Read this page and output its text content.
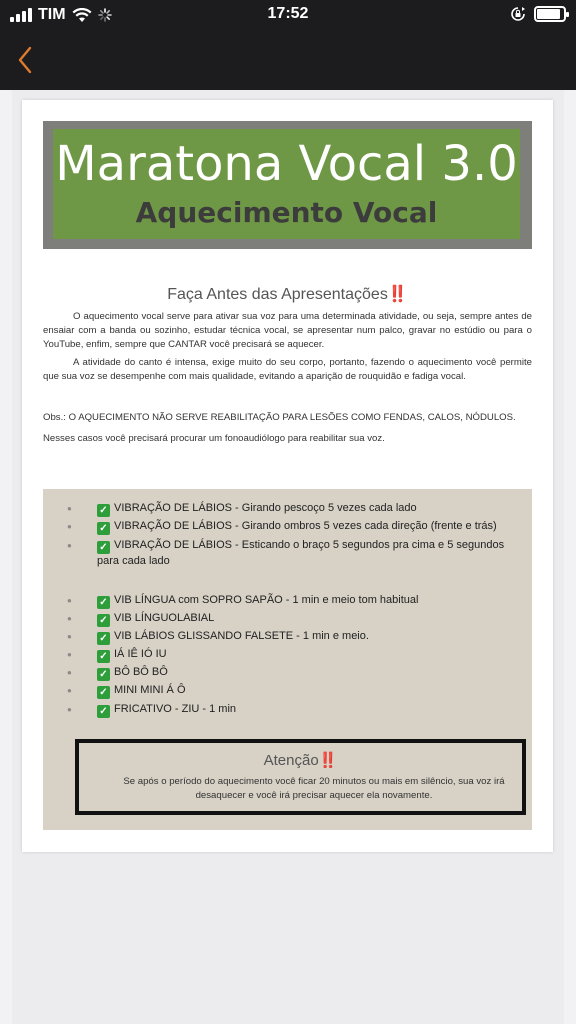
TIM	17:52
Maratona Vocal 3.0
Aquecimento Vocal
Faça Antes das Apresentações‼️
O aquecimento vocal serve para ativar sua voz para uma determinada atividade, ou seja, sempre antes de ensaiar com a banda ou sozinho, estudar técnica vocal, se apresentar num palco, gravar no estúdio ou para o YouTube, enfim, sempre que CANTAR você precisará se aquecer.
A atividade do canto é intensa, exige muito do seu corpo, portanto, fazendo o aquecimento você permite que sua voz se desempenhe com mais qualidade, evitando a aparição de rouquidão e fadiga vocal.
Obs.: O AQUECIMENTO NÃO SERVE REABILITAÇÃO PARA LESÕES COMO FENDAS, CALOS, NÓDULOS.
Nesses casos você precisará procurar um fonoaudiólogo para reabilitar sua voz.
●	✓ VIBRAÇÃO DE LÁBIOS - Girando pescoço 5 vezes cada lado
●	✓ VIBRAÇÃO DE LÁBIOS - Girando ombros 5 vezes cada direção (frente e trás)
●	✓ VIBRAÇÃO DE LÁBIOS - Esticando o braço 5 segundos pra cima e 5 segundos para cada lado
●	✓ VIB LÍNGUA com SOPRO SAPÃO - 1 min e meio tom habitual
●	✓ VIB LÍNGUOLABIAL
●	✓ VIB LÁBIOS GLISSANDO FALSETE - 1 min e meio.
●	✓ IÁ IÊ IÓ IU
●	✓ BÔ BÔ BÔ
●	✓ MINI MINI Á Ô
●	✓ FRICATIVO - ZIU - 1 min
Atenção‼️
Se após o período do aquecimento você ficar 20 minutos ou mais em silêncio, sua voz irá desaquecer e você irá precisar aquecer ela novamente.
